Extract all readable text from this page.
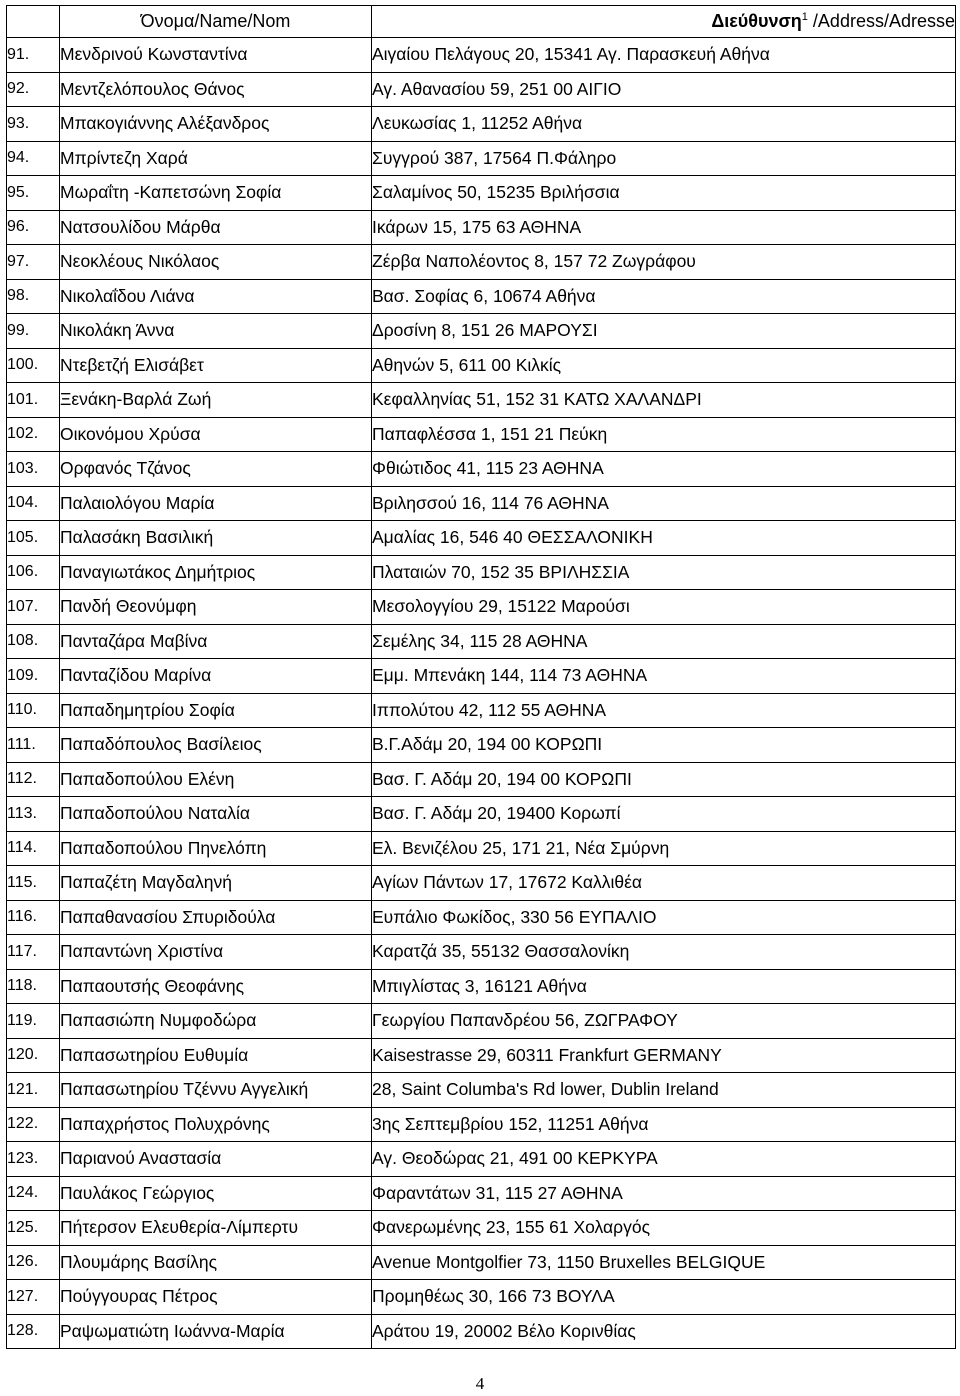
	Όνομα/Name/Nom	Διεύθυνση$^1$ /Address/Adresse
91.	Μενδρινού Κωνσταντίνα	Αιγαίου Πελάγους 20, 15341 Αγ. Παρασκευή Αθήνα
92.	Μεντζελόπουλος Θάνος	Αγ. Αθανασίου 59, 251 00 ΑΙΓΙΟ
93.	Μπακογιάννης Αλέξανδρος	Λευκωσίας 1, 11252 Αθήνα
94.	Μπρίντεζη Χαρά	Συγγρού 387, 17564 Π.Φάληρο
95.	Μωραΐτη -Καπετσώνη Σοφία	Σαλαμίνος 50, 15235 Βριλήσσια
96.	Νατσουλίδου Μάρθα	Ικάρων 15, 175 63 ΑΘΗΝΑ
97.	Νεοκλέους Νικόλαος	Ζέρβα Ναπολέοντος 8, 157 72 Ζωγράφου
98.	Νικολαΐδου Λιάνα	Βασ. Σοφίας 6, 10674 Αθήνα
99.	Νικολάκη Άννα	Δροσίνη 8, 151 26 ΜΑΡΟΥΣΙ
100.	Ντεβετζή Ελισάβετ	Αθηνών 5, 611 00 Κιλκίς
101.	Ξενάκη-Βαρλά Ζωή	Κεφαλληνίας 51, 152 31 ΚΑΤΩ ΧΑΛΑΝΔΡΙ
102.	Οικονόμου Χρύσα	Παπαφλέσσα 1, 151 21 Πεύκη
103.	Ορφανός Τζάνος	Φθιώτιδος 41, 115 23 ΑΘΗΝΑ
104.	Παλαιολόγου Μαρία	Βριλησσού 16, 114 76 ΑΘΗΝΑ
105.	Παλασάκη Βασιλική	Αμαλίας 16, 546 40 ΘΕΣΣΑΛΟΝΙΚΗ
106.	Παναγιωτάκος Δημήτριος	Πλαταιών 70, 152 35 ΒΡΙΛΗΣΣΙΑ
107.	Πανδή Θεονύμφη	Μεσολογγίου 29, 15122 Μαρούσι
108.	Πανταζάρα Μαβίνα	Σεμέλης 34, 115 28 ΑΘΗΝΑ
109.	Πανταζίδου Μαρίνα	Εμμ. Μπενάκη 144, 114 73 ΑΘΗΝΑ
110.	Παπαδημητρίου Σοφία	Ιππολύτου 42, 112 55 ΑΘΗΝΑ
111.	Παπαδόπουλος Βασίλειος	Β.Γ.Αδάμ 20, 194 00 ΚΟΡΩΠΙ
112.	Παπαδοπούλου Ελένη	Βασ. Γ. Αδάμ 20, 194 00 ΚΟΡΩΠΙ
113.	Παπαδοπούλου Ναταλία	Βασ. Γ. Αδάμ 20, 19400 Κορωπί
114.	Παπαδοπούλου Πηνελόπη	Ελ. Βενιζέλου 25, 171 21, Νέα Σμύρνη
115.	Παπαζέτη Μαγδαληνή	Αγίων Πάντων 17, 17672 Καλλιθέα
116.	Παπαθανασίου Σπυριδούλα	Ευπάλιο Φωκίδος, 330 56 ΕΥΠΑΛΙΟ
117.	Παπαντώνη Χριστίνα	Καρατζά 35, 55132 Θασσαλονίκη
118.	Παπαουτσής Θεοφάνης	Μπιγλίστας 3, 16121 Αθήνα
119.	Παπασιώπη Νυμφοδώρα	Γεωργίου Παπανδρέου 56, ΖΩΓΡΑΦΟΥ
120.	Παπασωτηρίου Ευθυμία	Kaisestrasse 29, 60311 Frankfurt GERMANY
121.	Παπασωτηρίου Τζέννυ Αγγελική	28, Saint Columba's Rd lower, Dublin Ireland
122.	Παπαχρήστος Πολυχρόνης	3ης Σεπτεμβρίου 152, 11251 Αθήνα
123.	Παριανού Αναστασία	Αγ. Θεοδώρας 21, 491 00 ΚΕΡΚΥΡΑ
124.	Παυλάκος Γεώργιος	Φαραντάτων 31, 115 27 ΑΘΗΝΑ
125.	Πήτερσον Ελευθερία-Λίμπερτυ	Φανερωμένης 23, 155 61 Χολαργός
126.	Πλουμάρης Βασίλης	Avenue Montgolfier 73, 1150 Bruxelles BELGIQUE
127.	Πούγγουρας Πέτρος	Προμηθέως 30, 166 73 ΒΟΥΛΑ
128.	Ραψωματιώτη Ιωάννα-Μαρία	Αράτου 19, 20002 Βέλο Κορινθίας
4
